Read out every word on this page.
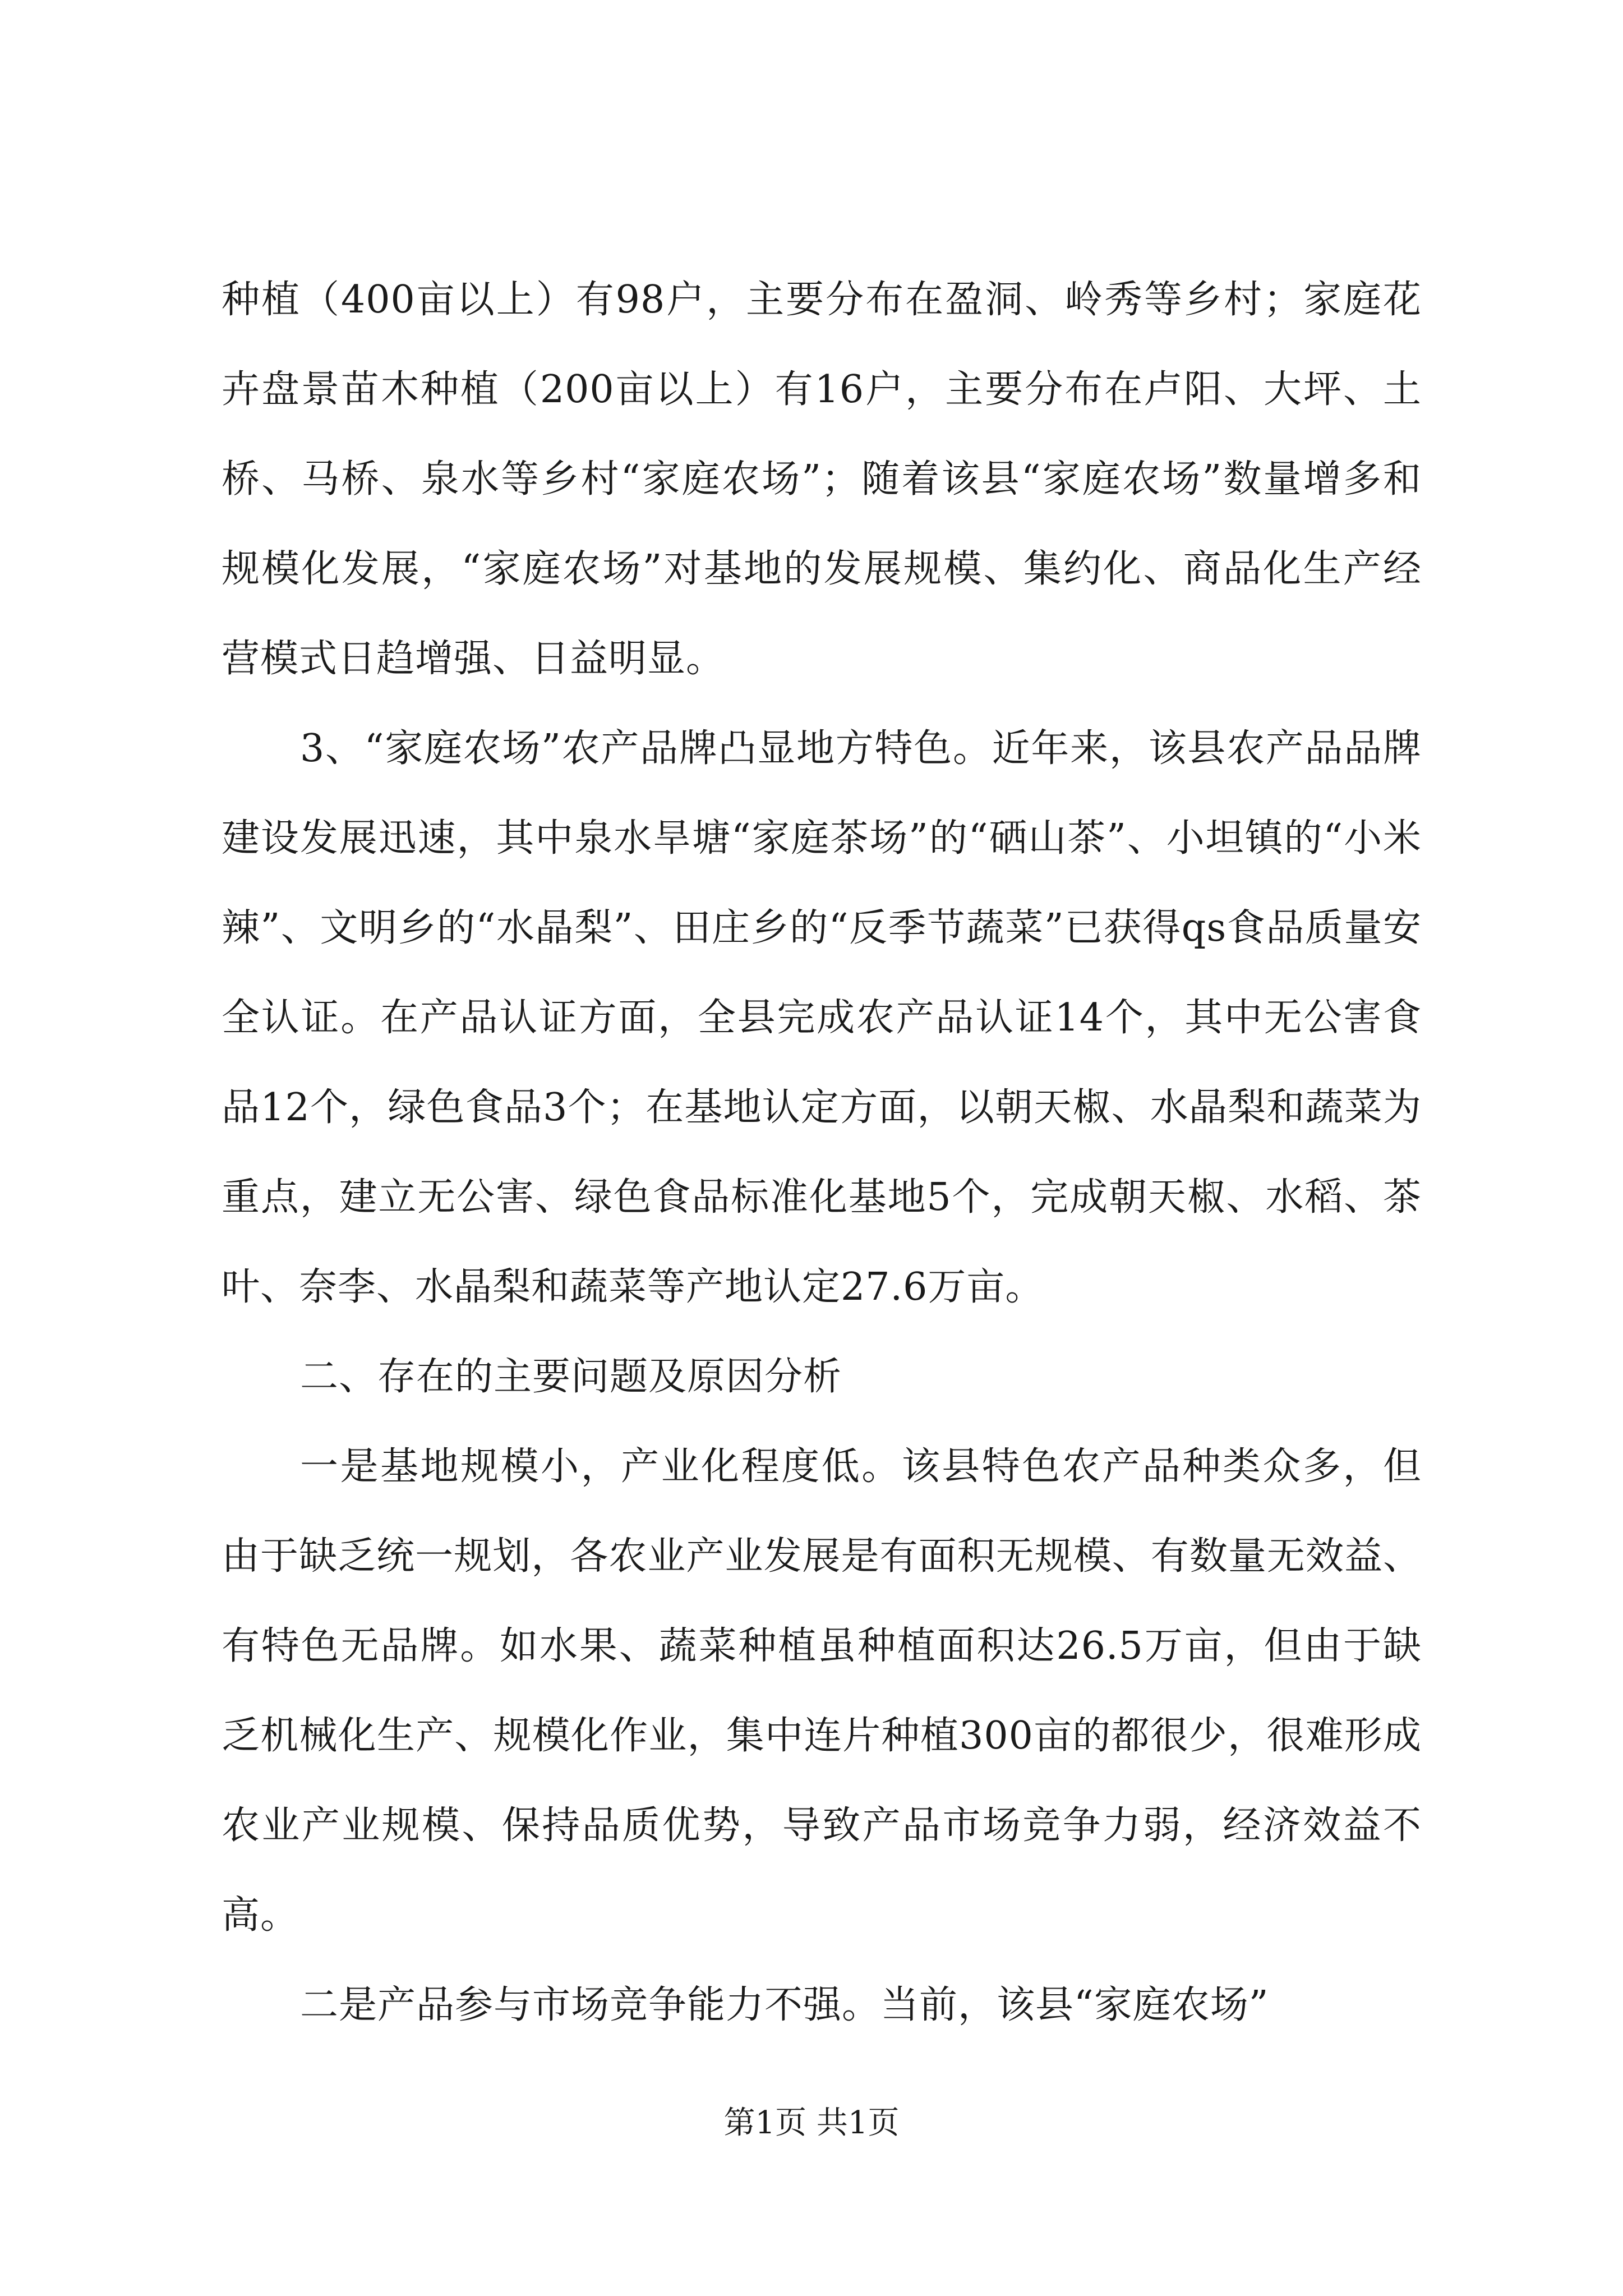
种植（400亩以上）有98户，主要分布在盈洞、岭秀等乡村；家庭花卉盘景苗木种植（200亩以上）有16户，主要分布在卢阳、大坪、土桥、马桥、泉水等乡村“家庭农场”；随着该县“家庭农场”数量增多和规模化发展，“家庭农场”对基地的发展规模、集约化、商品化生产经营模式日趋增强、日益明显。

3、“家庭农场”农产品牌凸显地方特色。近年来，该县农产品品牌建设发展迅速，其中泉水旱塘“家庭茶场”的“硒山茶”、小坦镇的“小米辣”、文明乡的“水晶梨”、田庄乡的“反季节蔬菜”已获得qs食品质量安全认证。在产品认证方面，全县完成农产品认证14个，其中无公害食品12个，绿色食品3个；在基地认定方面，以朝天椒、水晶梨和蔬菜为重点，建立无公害、绿色食品标准化基地5个，完成朝天椒、水稻、茶叶、奈李、水晶梨和蔬菜等产地认定27.6万亩。

二、存在的主要问题及原因分析

一是基地规模小，产业化程度低。该县特色农产品种类众多，但由于缺乏统一规划，各农业产业发展是有面积无规模、有数量无效益、有特色无品牌。如水果、蔬菜种植虽种植面积达26.5万亩，但由于缺乏机械化生产、规模化作业，集中连片种植300亩的都很少，很难形成农业产业规模、保持品质优势，导致产品市场竞争力弱，经济效益不高。

二是产品参与市场竞争能力不强。当前，该县“家庭农场”

第1页 共1页
